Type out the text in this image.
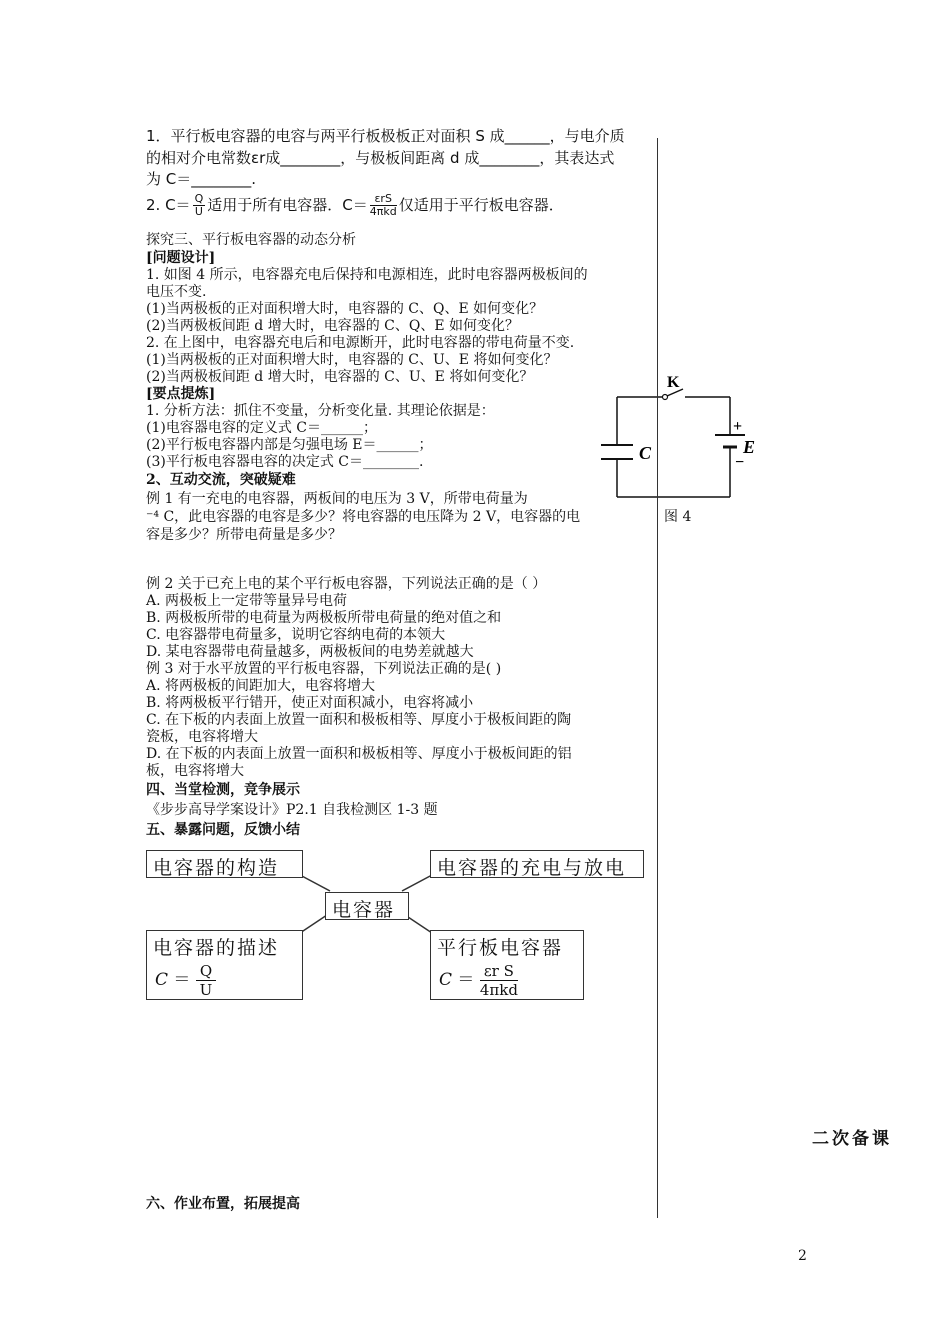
1．平行板电容器的电容与两平行板极板正对面积 S 成______，与电介质
的相对介电常数εr成________，与极板间距离 d 成________，其表达式
为 C＝________.
2. $C= \frac{Q}{U}$ 适用于所有电容器．C＝ εrS
4πkd 仅适用于平行板电容器．
探究三、平行板电容器的动态分析
[问题设计]
1. 如图 4 所示，电容器充电后保持和电源相连，此时电容器两极板间的
电压不变.
(1)当两极板的正对面积增大时，电容器的 C、Q、E 如何变化？
(2)当两极板间距 d 增大时，电容器的 C、Q、E 如何变化？
2. 在上图中，电容器充电后和电源断开，此时电容器的带电荷量不变.
(1)当两极板的正对面积增大时，电容器的 C、U、E 将如何变化？
(2)当两极板间距 d 增大时，电容器的 C、U、E 将如何变化？
[要点提炼]
1. 分析方法：抓住不变量，分析变化量. 其理论依据是：
(1)电容器电容的定义式 C＝______；
(2)平行板电容器内部是匀强电场 E＝______；
(3)平行板电容器电容的决定式 C＝________.
2、互动交流，突破疑难
例 1 有一充电的电容器，两板间的电压为 3 V，所带电荷量为
⁻⁴ C，此电容器的电容是多少？将电容器的电压降为 2 V，电容器的电
容是多少？所带电荷量是多少？
例 2 关于已充上电的某个平行板电容器，下列说法正确的是（ ）
A. 两极板上一定带等量异号电荷
B. 两极板所带的电荷量为两极板所带电荷量的绝对值之和
C. 电容器带电荷量多，说明它容纳电荷的本领大
D. 某电容器带电荷量越多，两极板间的电势差就越大
例 3 对于水平放置的平行板电容器，下列说法正确的是( )
A. 将两极板的间距加大，电容将增大
B. 将两极板平行错开，使正对面积减小，电容将减小
C. 在下板的内表面上放置一面积和极板相等、厚度小于极板间距的陶
瓷板，电容将增大
D. 在下板的内表面上放置一面积和极板相等、厚度小于极板间距的铝
板，电容将增大
四、当堂检测，竞争展示
《步步高导学案设计》P2.1 自我检测区 1-3 题
五、暴露问题，反馈小结
电容器的构造	电容器的充电与放电
电容器
电容器的描述
$C = \frac{Q}{U}$
平行板电容器
C ＝ εr S
4πkd
K
C
+
−
E
图 4
二次备课
六、作业布置，拓展提高
2
